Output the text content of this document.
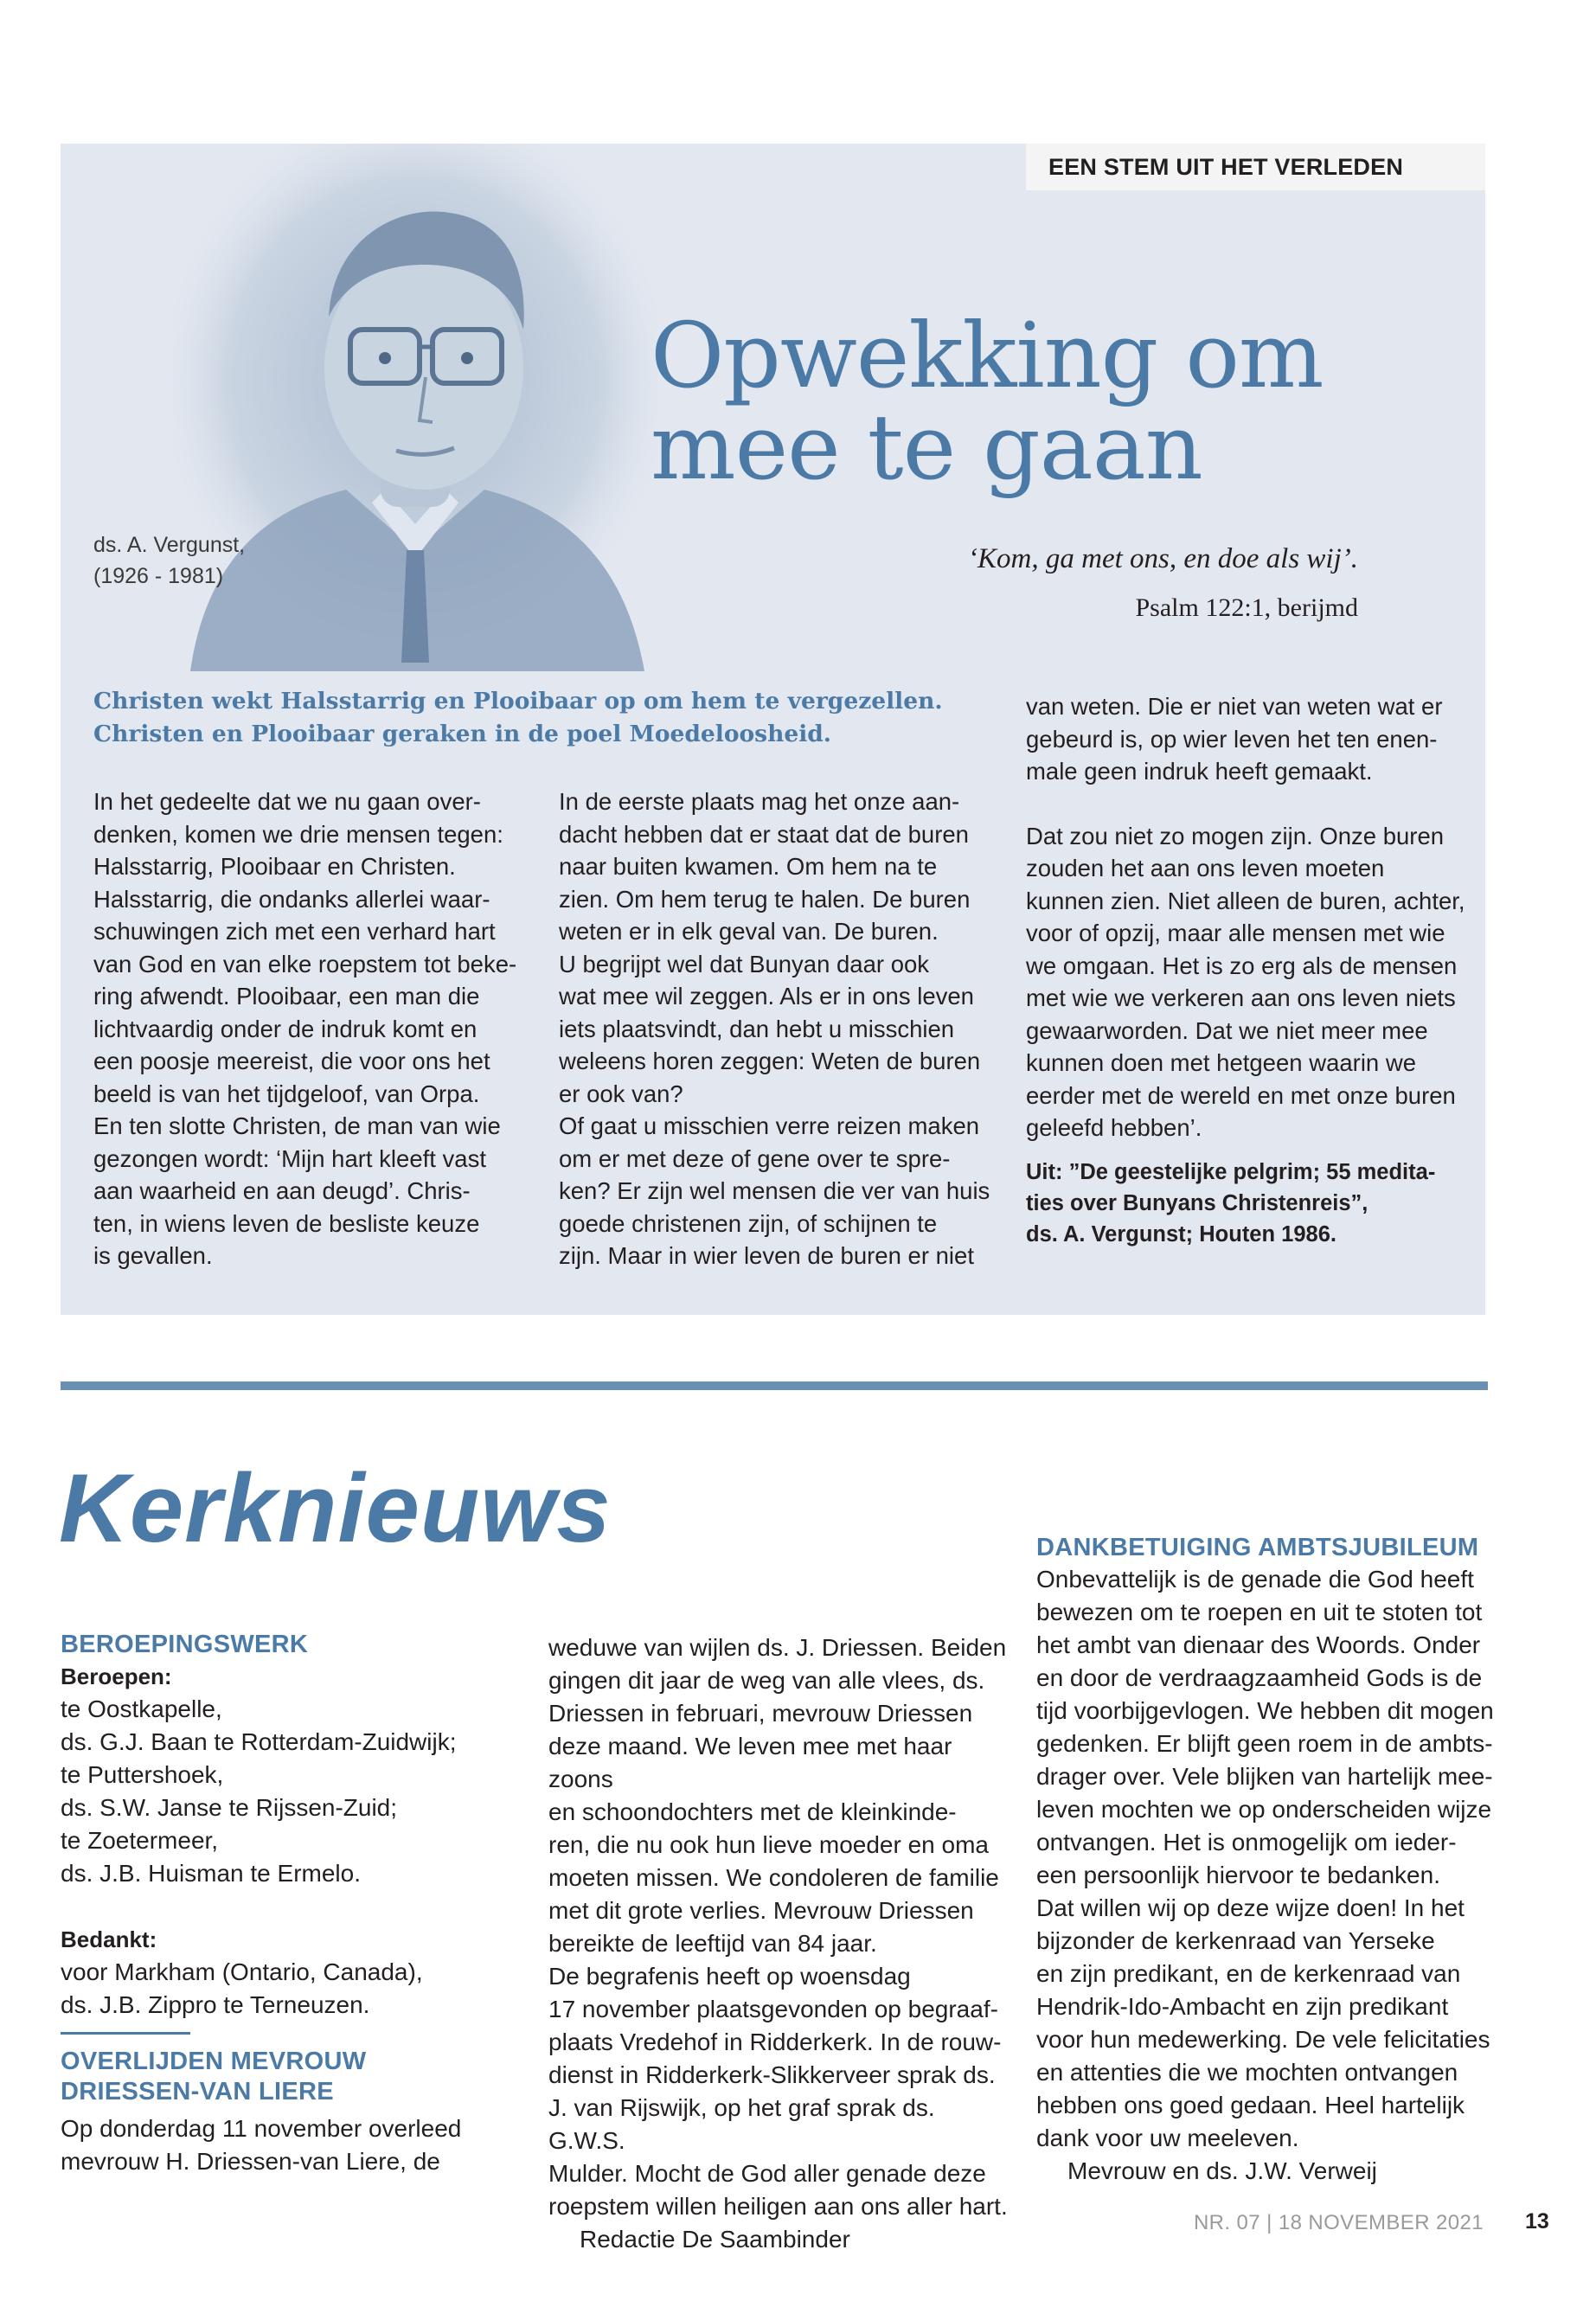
EEN STEM UIT HET VERLEDEN
ds. A. Vergunst,
(1926 - 1981)
Opwekking om
mee te gaan
‘Kom, ga met ons, en doe als wij’.
Psalm 122:1, berijmd
Christen wekt Halsstarrig en Plooibaar op om hem te vergezellen.
Christen en Plooibaar geraken in de poel Moedeloosheid.
In het gedeelte dat we nu gaan over-
denken, komen we drie mensen tegen:
Halsstarrig, Plooibaar en Christen.
Halsstarrig, die ondanks allerlei waar-
schuwingen zich met een verhard hart
van God en van elke roepstem tot beke-
ring afwendt. Plooibaar, een man die
lichtvaardig onder de indruk komt en
een poosje meereist, die voor ons het
beeld is van het tijdgeloof, van Orpa.
En ten slotte Christen, de man van wie
gezongen wordt: ‘Mijn hart kleeft vast
aan waarheid en aan deugd’. Chris-
ten, in wiens leven de besliste keuze
is gevallen.
In de eerste plaats mag het onze aan-
dacht hebben dat er staat dat de buren
naar buiten kwamen. Om hem na te
zien. Om hem terug te halen. De buren
weten er in elk geval van. De buren.
U begrijpt wel dat Bunyan daar ook
wat mee wil zeggen. Als er in ons leven
iets plaatsvindt, dan hebt u misschien
weleens horen zeggen: Weten de buren
er ook van?
Of gaat u misschien verre reizen maken
om er met deze of gene over te spre-
ken? Er zijn wel mensen die ver van huis
goede christenen zijn, of schijnen te
zijn. Maar in wier leven de buren er niet
van weten. Die er niet van weten wat er
gebeurd is, op wier leven het ten enen-
male geen indruk heeft gemaakt.
Dat zou niet zo mogen zijn. Onze buren
zouden het aan ons leven moeten
kunnen zien. Niet alleen de buren, achter,
voor of opzij, maar alle mensen met wie
we omgaan. Het is zo erg als de mensen
met wie we verkeren aan ons leven niets
gewaarworden. Dat we niet meer mee
kunnen doen met hetgeen waarin we
eerder met de wereld en met onze buren
geleefd hebben’.
Uit: ”De geestelijke pelgrim; 55 medita-
ties over Bunyans Christenreis”,
ds. A. Vergunst; Houten 1986.
Kerknieuws
BEROEPINGSWERK
Beroepen:
te Oostkapelle,
ds. G.J. Baan te Rotterdam-Zuidwijk;
te Puttershoek,
ds. S.W. Janse te Rijssen-Zuid;
te Zoetermeer,
ds. J.B. Huisman te Ermelo.
Bedankt:
voor Markham (Ontario, Canada),
ds. J.B. Zippro te Terneuzen.
OVERLIJDEN MEVROUW
DRIESSEN-VAN LIERE
Op donderdag 11 november overleed
mevrouw H. Driessen-van Liere, de
weduwe van wijlen ds. J. Driessen. Beiden
gingen dit jaar de weg van alle vlees, ds.
Driessen in februari, mevrouw Driessen
deze maand. We leven mee met haar zoons
en schoondochters met de kleinkinde-
ren, die nu ook hun lieve moeder en oma
moeten missen. We condoleren de familie
met dit grote verlies. Mevrouw Driessen
bereikte de leeftijd van 84 jaar.
De begrafenis heeft op woensdag
17 november plaatsgevonden op begraaf-
plaats Vredehof in Ridderkerk. In de rouw-
dienst in Ridderkerk-Slikkerveer sprak ds.
J. van Rijswijk, op het graf sprak ds. G.W.S.
Mulder. Mocht de God aller genade deze
roepstem willen heiligen aan ons aller hart.
Redactie De Saambinder
DANKBETUIGING AMBTSJUBILEUM
Onbevattelijk is de genade die God heeft
bewezen om te roepen en uit te stoten tot
het ambt van dienaar des Woords. Onder
en door de verdraagzaamheid Gods is de
tijd voorbijgevlogen. We hebben dit mogen
gedenken. Er blijft geen roem in de ambts-
drager over. Vele blijken van hartelijk mee-
leven mochten we op onderscheiden wijze
ontvangen. Het is onmogelijk om ieder-
een persoonlijk hiervoor te bedanken.
Dat willen wij op deze wijze doen! In het
bijzonder de kerkenraad van Yerseke
en zijn predikant, en de kerkenraad van
Hendrik-Ido-Ambacht en zijn predikant
voor hun medewerking. De vele felicitaties
en attenties die we mochten ontvangen
hebben ons goed gedaan. Heel hartelijk
dank voor uw meeleven.
Mevrouw en ds. J.W. Verweij
NR. 07 | 18 NOVEMBER 2021 13
